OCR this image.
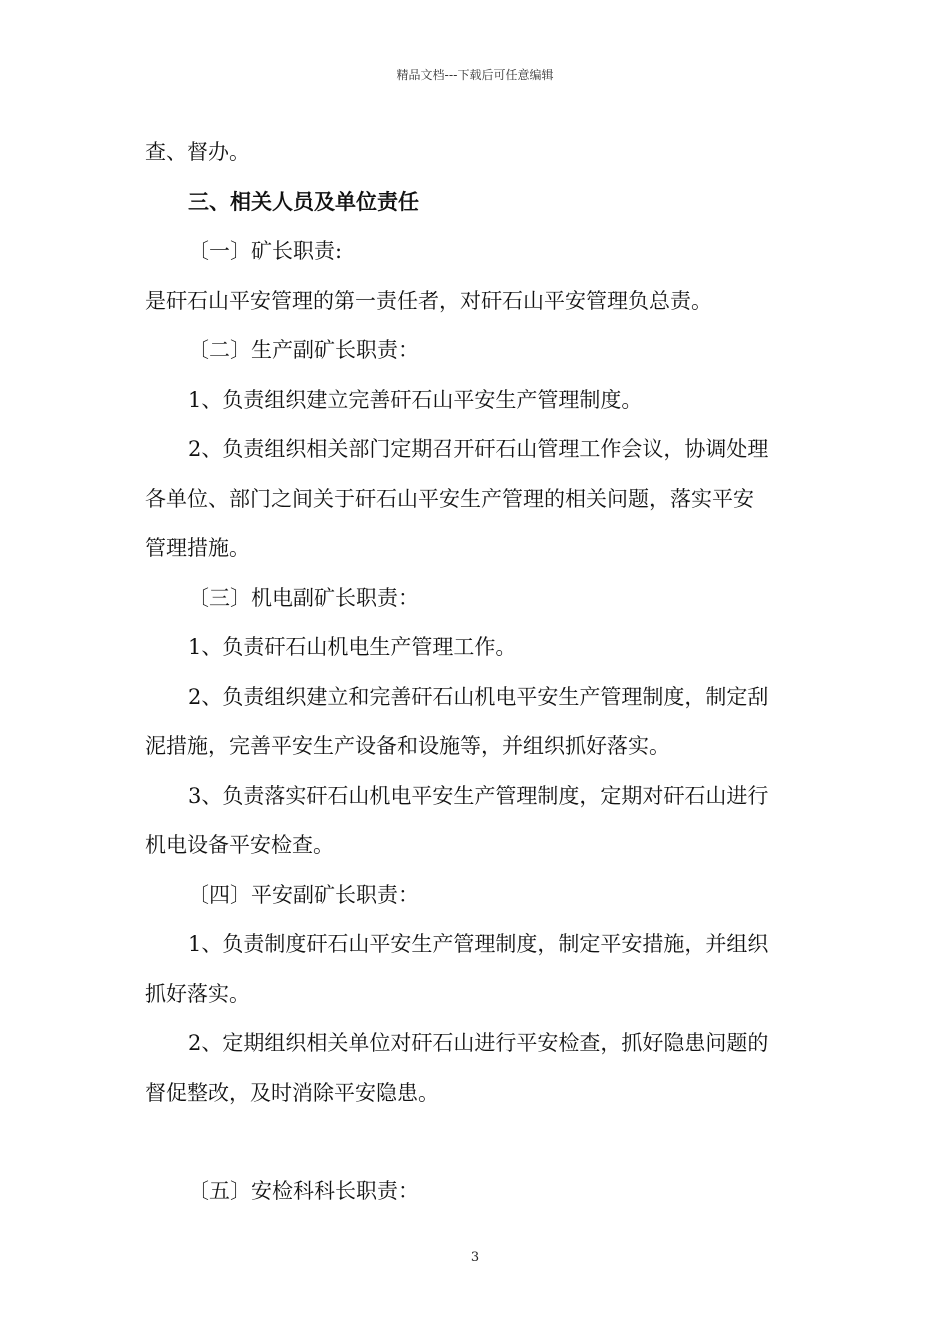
精品文档---下载后可任意编辑

查、督办。

三、相关人员及单位责任

〔一〕矿长职责:

是矸石山平安管理的第一责任者，对矸石山平安管理负总责。

〔二〕生产副矿长职责：

1、负责组织建立完善矸石山平安生产管理制度。

2、负责组织相关部门定期召开矸石山管理工作会议，协调处理

各单位、部门之间关于矸石山平安生产管理的相关问题，落实平安

管理措施。

〔三〕机电副矿长职责：

1、负责矸石山机电生产管理工作。

2、负责组织建立和完善矸石山机电平安生产管理制度，制定刮

泥措施，完善平安生产设备和设施等，并组织抓好落实。

3、负责落实矸石山机电平安生产管理制度，定期对矸石山进行

机电设备平安检查。

〔四〕平安副矿长职责：

1、负责制度矸石山平安生产管理制度，制定平安措施，并组织

抓好落实。

2、定期组织相关单位对矸石山进行平安检查，抓好隐患问题的

督促整改，及时消除平安隐患。

〔五〕安检科科长职责：

3
